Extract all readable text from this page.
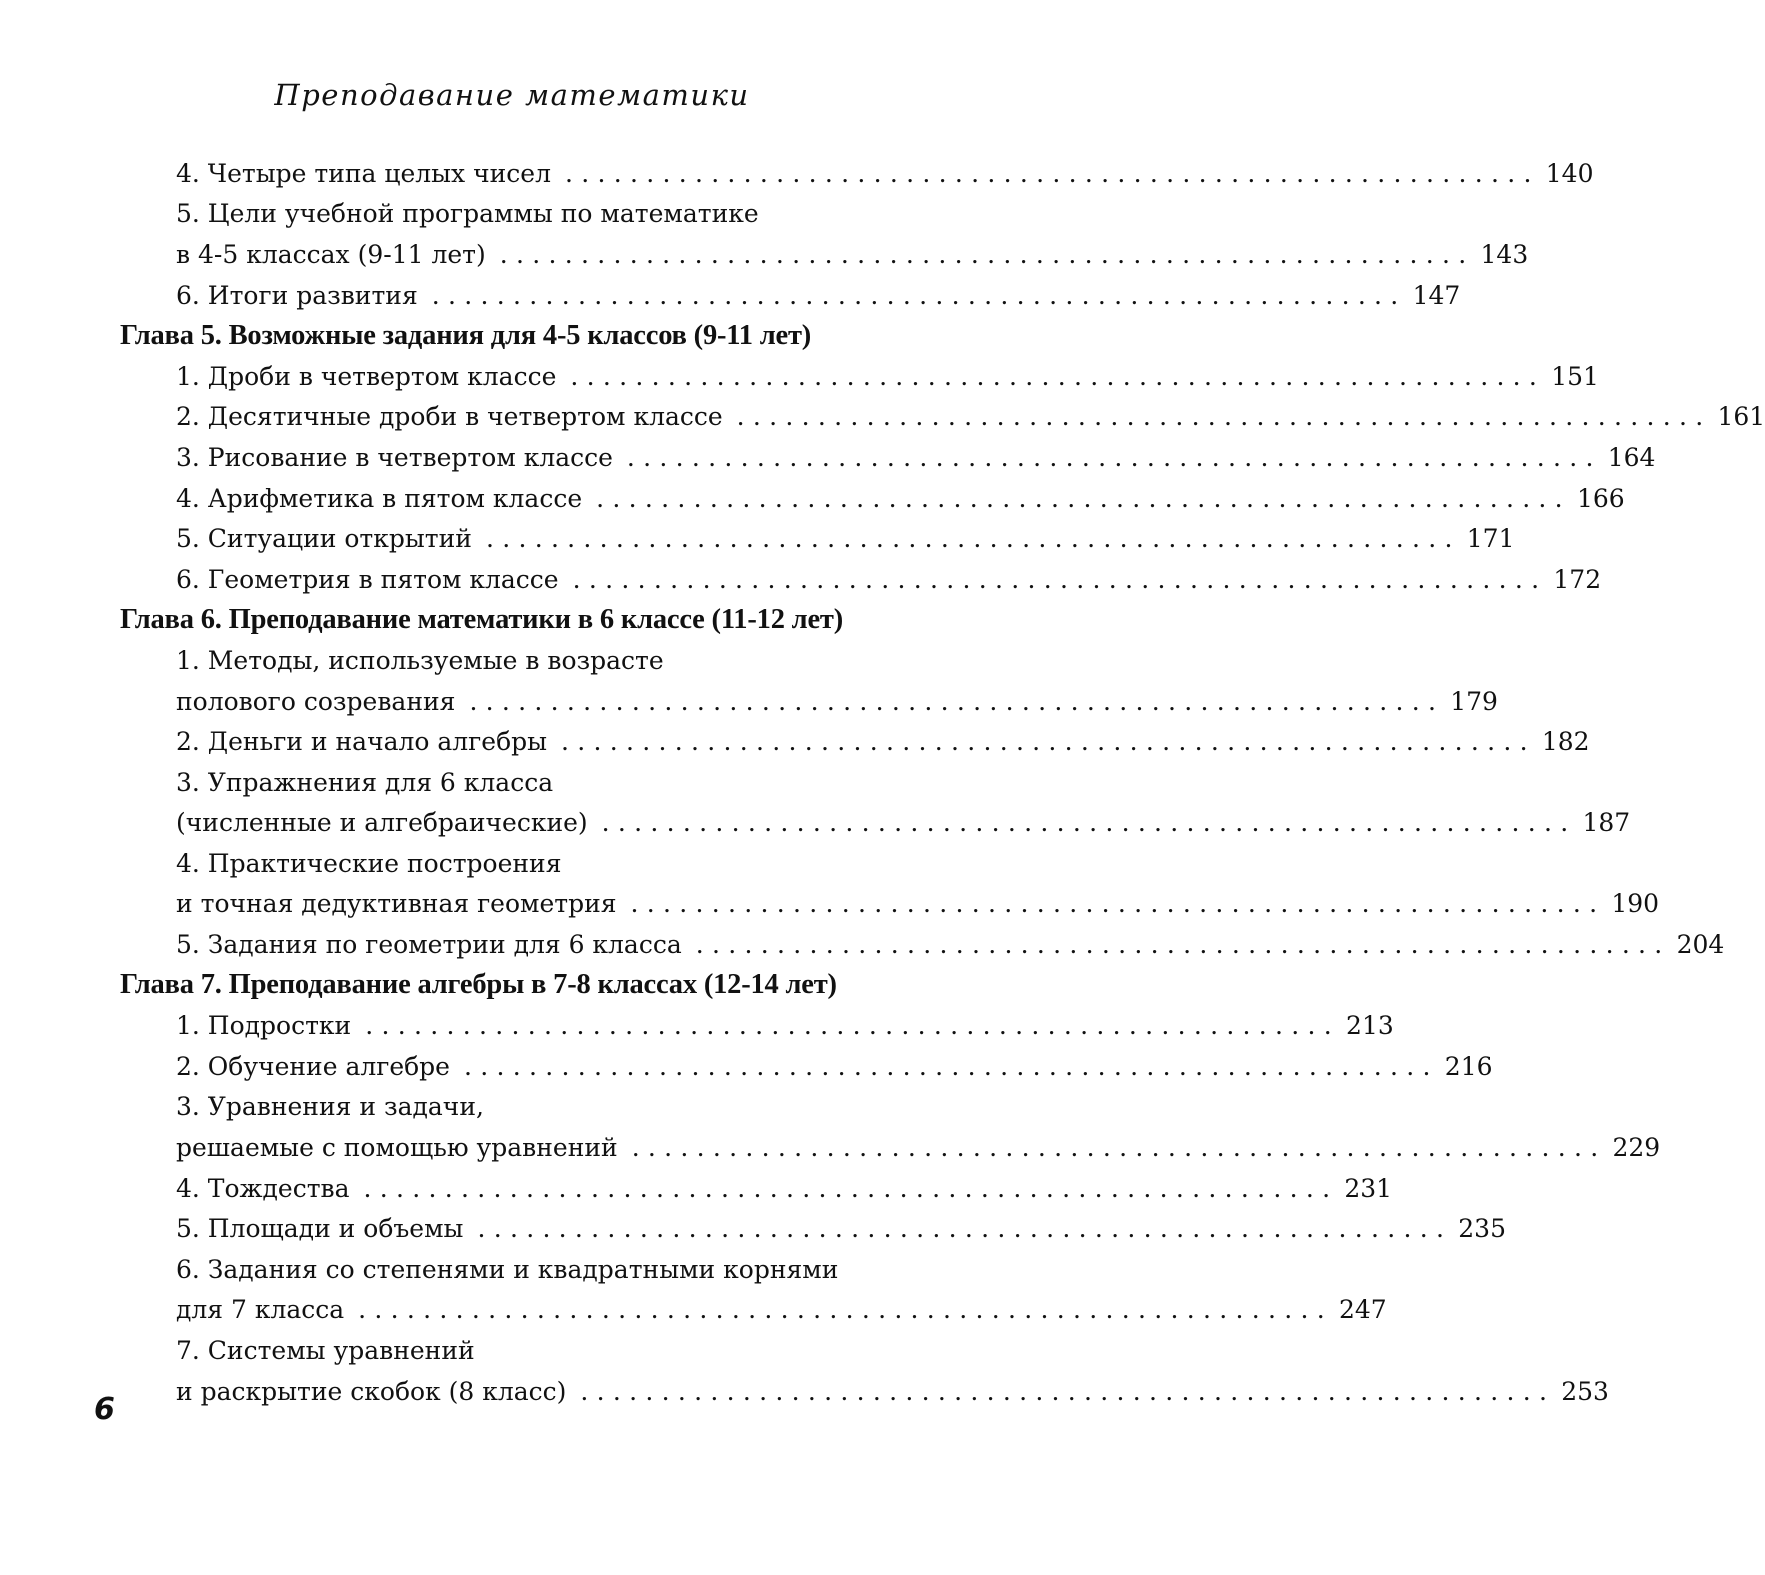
Преподавание математики
4. Четыре типа целых чисел ............................................................ 140
5. Цели учебной программы по математике
в 4-5 классах (9-11 лет) ............................................................ 143
6. Итоги развития ............................................................ 147
Глава 5. Возможные задания для 4-5 классов (9-11 лет)
1. Дроби в четвертом классе ............................................................ 151
2. Десятичные дроби в четвертом классе ............................................................ 161
3. Рисование в четвертом классе ............................................................ 164
4. Арифметика в пятом классе ............................................................ 166
5. Ситуации открытий ............................................................ 171
6. Геометрия в пятом классе ............................................................ 172
Глава 6. Преподавание математики в 6 классе (11-12 лет)
1. Методы, используемые в возрасте
полового созревания ............................................................ 179
2. Деньги и начало алгебры ............................................................ 182
3. Упражнения для 6 класса
(численные и алгебраические) ............................................................ 187
4. Практические построения
и точная дедуктивная геометрия ............................................................ 190
5. Задания по геометрии для 6 класса ............................................................ 204
Глава 7. Преподавание алгебры в 7-8 классах (12-14 лет)
1. Подростки ............................................................ 213
2. Обучение алгебре ............................................................ 216
3. Уравнения и задачи,
решаемые с помощью уравнений ............................................................ 229
4. Тождества ............................................................ 231
5. Площади и объемы ............................................................ 235
6. Задания со степенями и квадратными корнями
для 7 класса ............................................................ 247
7. Системы уравнений
и раскрытие скобок (8 класс) ............................................................ 253
6
